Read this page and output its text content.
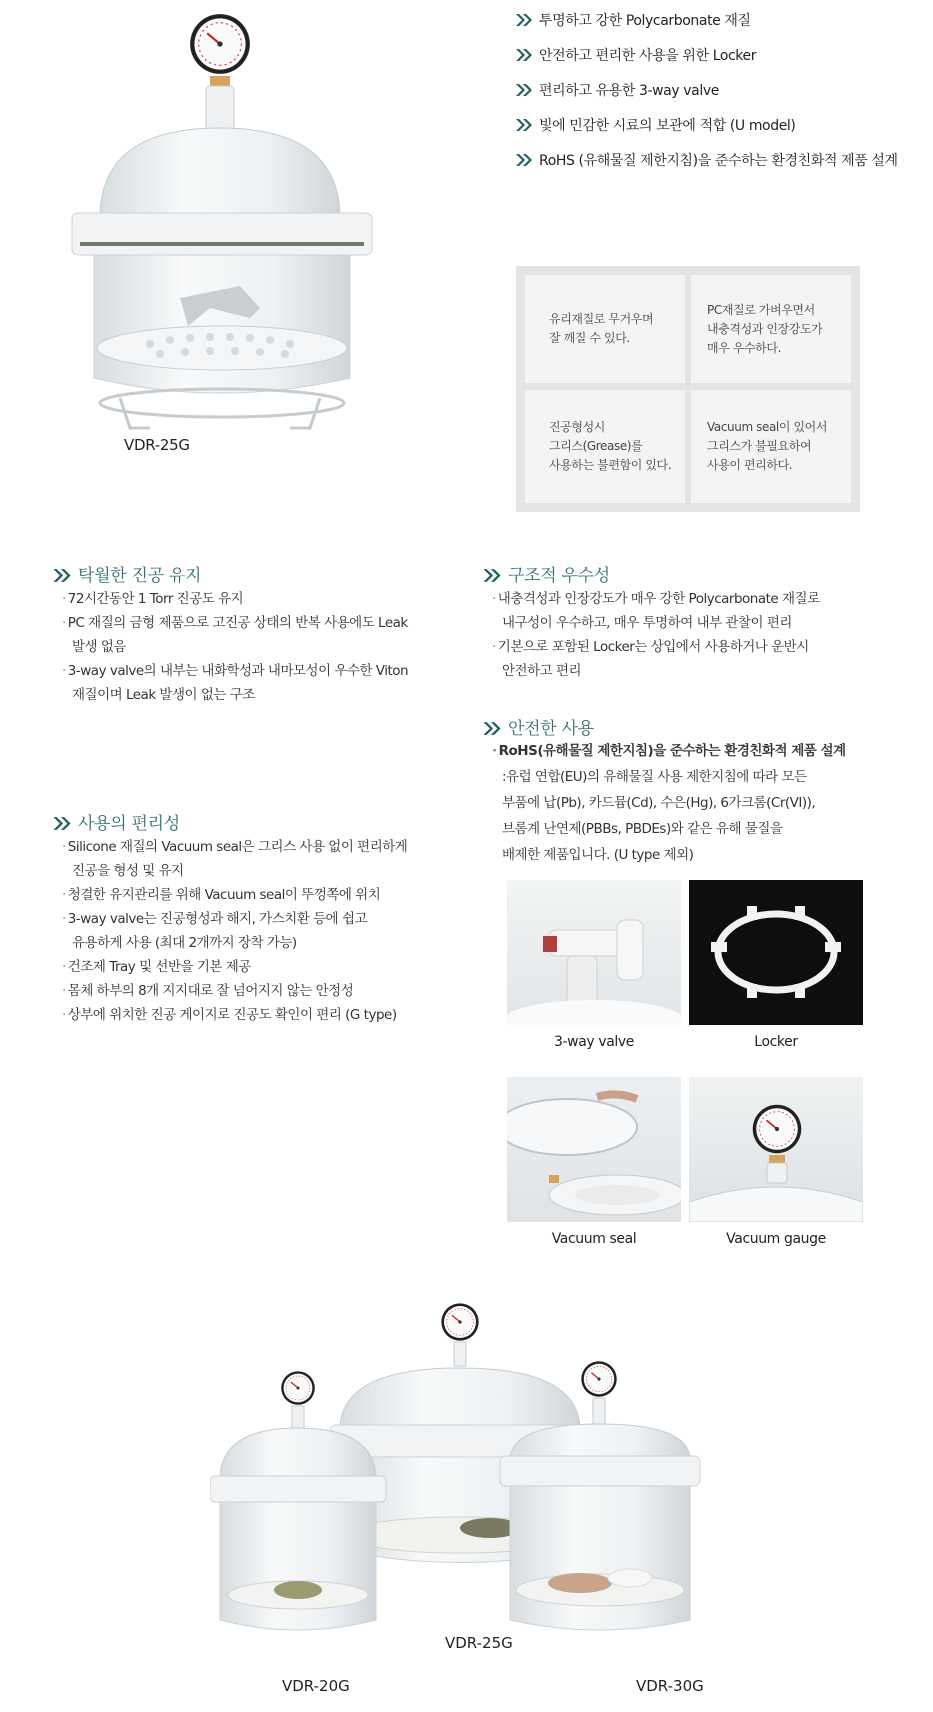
VDR-25G
투명하고 강한 Polycarbonate 재질
안전하고 편리한 사용을 위한 Locker
편리하고 유용한 3-way valve
빛에 민감한 시료의 보관에 적합 (U model)
RoHS (유해물질 제한지침)을 준수하는 환경친화적 제품 설계
유리재질로 무거우며
잘 깨질 수 있다.
PC재질로 가벼우면서
내충격성과 인장강도가
매우 우수하다.
진공형성시
그리스(Grease)를
사용하는 불편함이 있다.
Vacuum seal이 있어서
그리스가 불필요하여
사용이 편리하다.
탁월한 진공 유지
· 72시간동안 1 Torr 진공도 유지
· PC 재질의 금형 제품으로 고진공 상태의 반복 사용에도 Leak
발생 없음
· 3-way valve의 내부는 내화학성과 내마모성이 우수한 Viton
재질이며 Leak 발생이 없는 구조
구조적 우수성
· 내충격성과 인장강도가 매우 강한 Polycarbonate 재질로
내구성이 우수하고, 매우 투명하여 내부 관찰이 편리
· 기본으로 포함된 Locker는 상입에서 사용하거나 운반시
안전하고 편리
안전한 사용
· RoHS(유해물질 제한지침)을 준수하는 환경친화적 제품 설계
:유럽 연합(EU)의 유해물질 사용 제한지침에 따라 모든
부품에 납(Pb), 카드뮴(Cd), 수은(Hg), 6가크롬(Cr(VI)),
브롬계 난연제(PBBs, PBDEs)와 같은 유해 물질을
배제한 제품입니다. (U type 제외)
사용의 편리성
· Silicone 재질의 Vacuum seal은 그리스 사용 없이 편리하게
진공을 형성 및 유지
· 청결한 유지관리를 위해 Vacuum seal이 뚜껑쪽에 위치
· 3-way valve는 진공형성과 해지, 가스치환 등에 쉽고
유용하게 사용 (최대 2개까지 장착 가능)
· 건조제 Tray 및 선반을 기본 제공
· 몸체 하부의 8개 지지대로 잘 넘어지지 않는 안정성
· 상부에 위치한 진공 게이지로 진공도 확인이 편리 (G type)
3-way valve	Locker
Vacuum seal	Vacuum gauge
VDR-20G
VDR-25G
VDR-30G
